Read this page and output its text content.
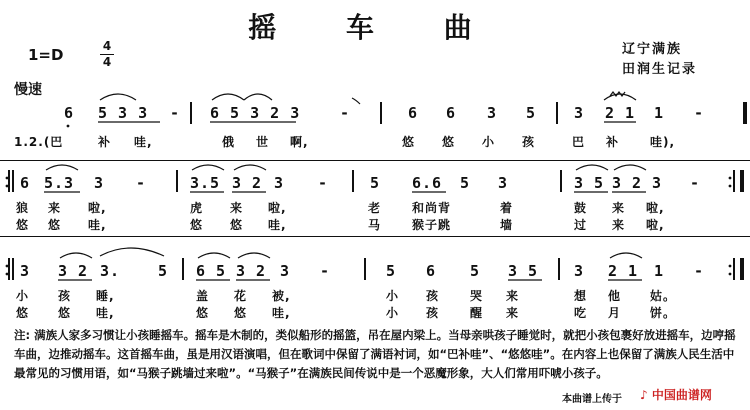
摇 车 曲
1=D	4
4
慢速
辽宁满族
田润生记录
6 5 3 3 - 6 5 3 2 3	-	6 6 3 5	3 2 1 1 -
1.2.(巴	补 哇,	俄 世 啊,	悠 悠 小 孩	巴 补	哇),
6 5.3 3 -	3.5 3 2 3 -	5 6.6 5 3	3 5 3 2 3 -
狼 来 啦,	虎 来 啦,	老	和尚背	着	鼓 来 啦,
悠 悠 哇,	悠 悠 哇,	马	猴子跳	墙	过 来 啦,
3 3 2 3.	5 6 5 3 2 3 -	5 6 5 3 5 3 2 1 1 -
小 孩 睡,	盖 花 被,	小 孩	哭 来	想 他 姑。
悠 悠 哇,	悠 悠 哇,	小 孩	醒 来	吃 月 饼。
注: 满族人家多习惯让小孩睡摇车。摇车是木制的，类似船形的摇篮，吊在屋内梁上。当母亲哄孩子睡觉时，就把小孩包裹好放进摇车，边哼摇车曲，边推动摇车。这首摇车曲，虽是用汉语演唱，但在歌词中保留了满语衬词，如“巴补哇”、“悠悠哇”。在内容上也保留了满族人民生活中最常见的习惯用语，如“马猴子跳墙过来啦”。“马猴子”在满族民间传说中是一个恶魔形象，大人们常用吓唬小孩子。
本曲谱上传于 ♪ 中国曲谱网
